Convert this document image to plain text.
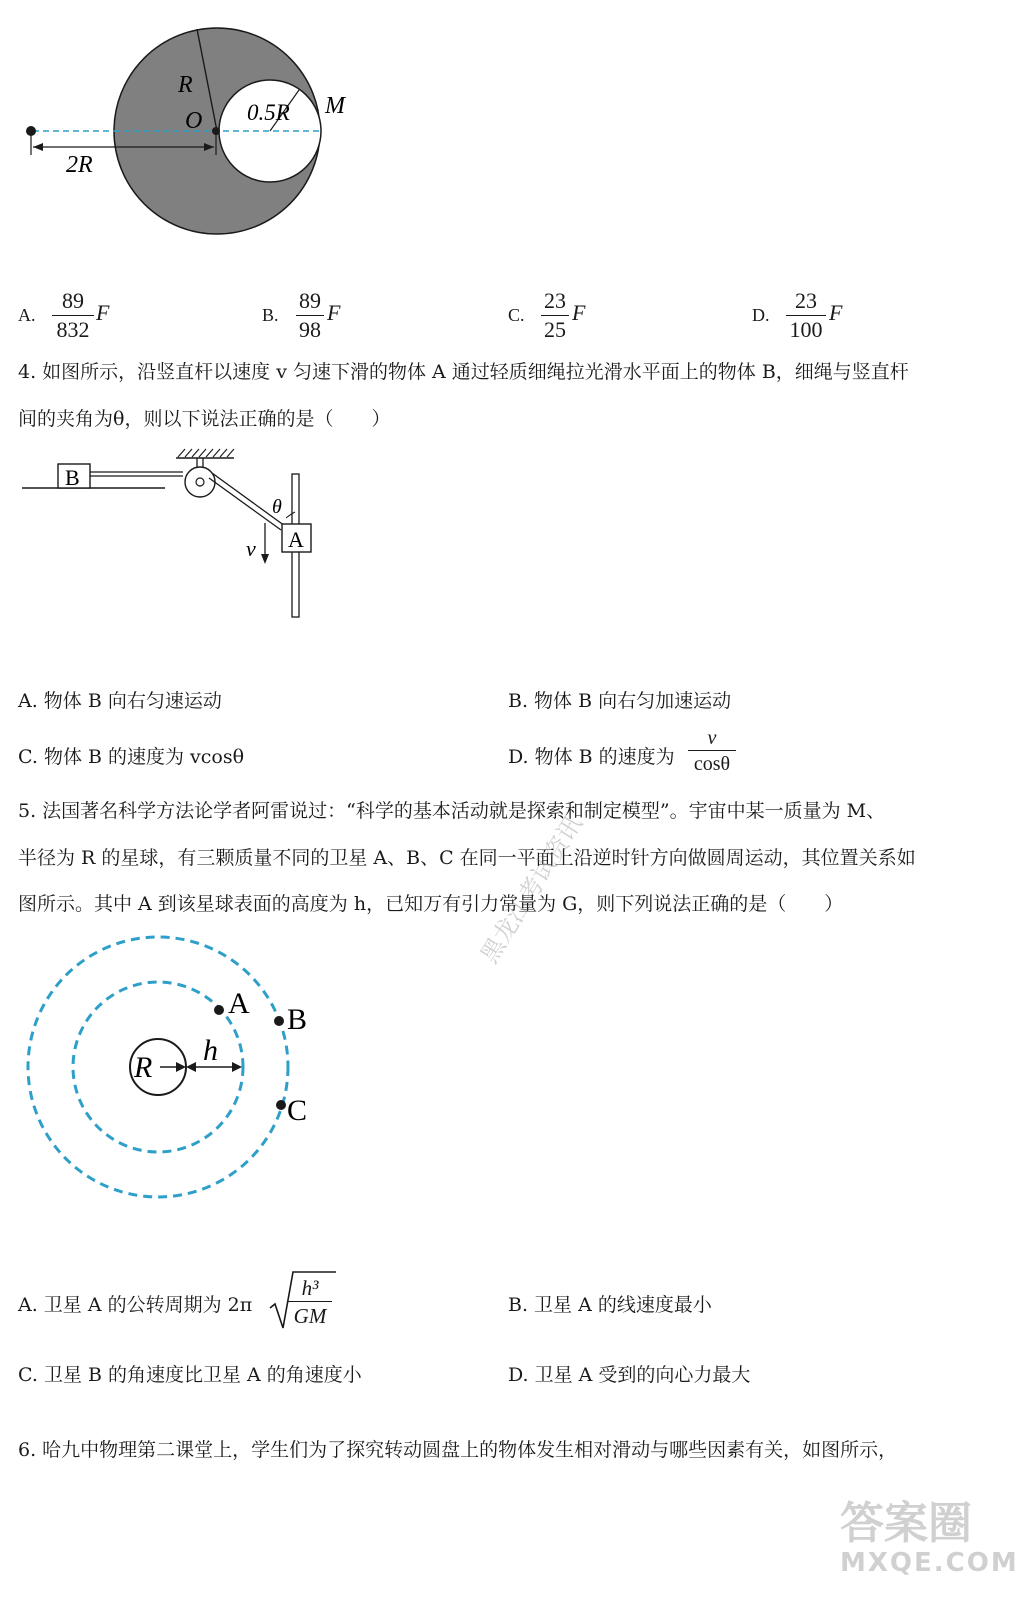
R
O 0.5R M
2R
A.
89
832
F	B.
89
98
F	C.
23
25
F	D.
23
100
F
4. 如图所示，沿竖直杆以速度 v 匀速下滑的物体 A 通过轻质细绳拉光滑水平面上的物体 B，细绳与竖直杆
间的夹角为θ，则以下说法正确的是（　　）
B
A
θ
v
A. 物体 B 向右匀速运动	B. 物体 B 向右匀加速运动
C. 物体 B 的速度为 vcosθ	D. 物体 B 的速度为
v
cosθ
5. 法国著名科学方法论学者阿雷说过：“科学的基本活动就是探索和制定模型”。宇宙中某一质量为 M、
半径为 R 的星球，有三颗质量不同的卫星 A、B、C 在同一平面上沿逆时针方向做圆周运动，其位置关系如
图所示。其中 A 到该星球表面的高度为 h，已知万有引力常量为 G，则下列说法正确的是（　　）
R
h
A B
C
A. 卫星 A 的公转周期为 2π
h³
GM	B. 卫星 A 的线速度最小
C. 卫星 B 的角速度比卫星 A 的角速度小	D. 卫星 A 受到的向心力最大
6. 哈九中物理第二课堂上，学生们为了探究转动圆盘上的物体发生相对滑动与哪些因素有关，如图所示，
黑龙江考试资讯
答案圈
MXQE.COM
